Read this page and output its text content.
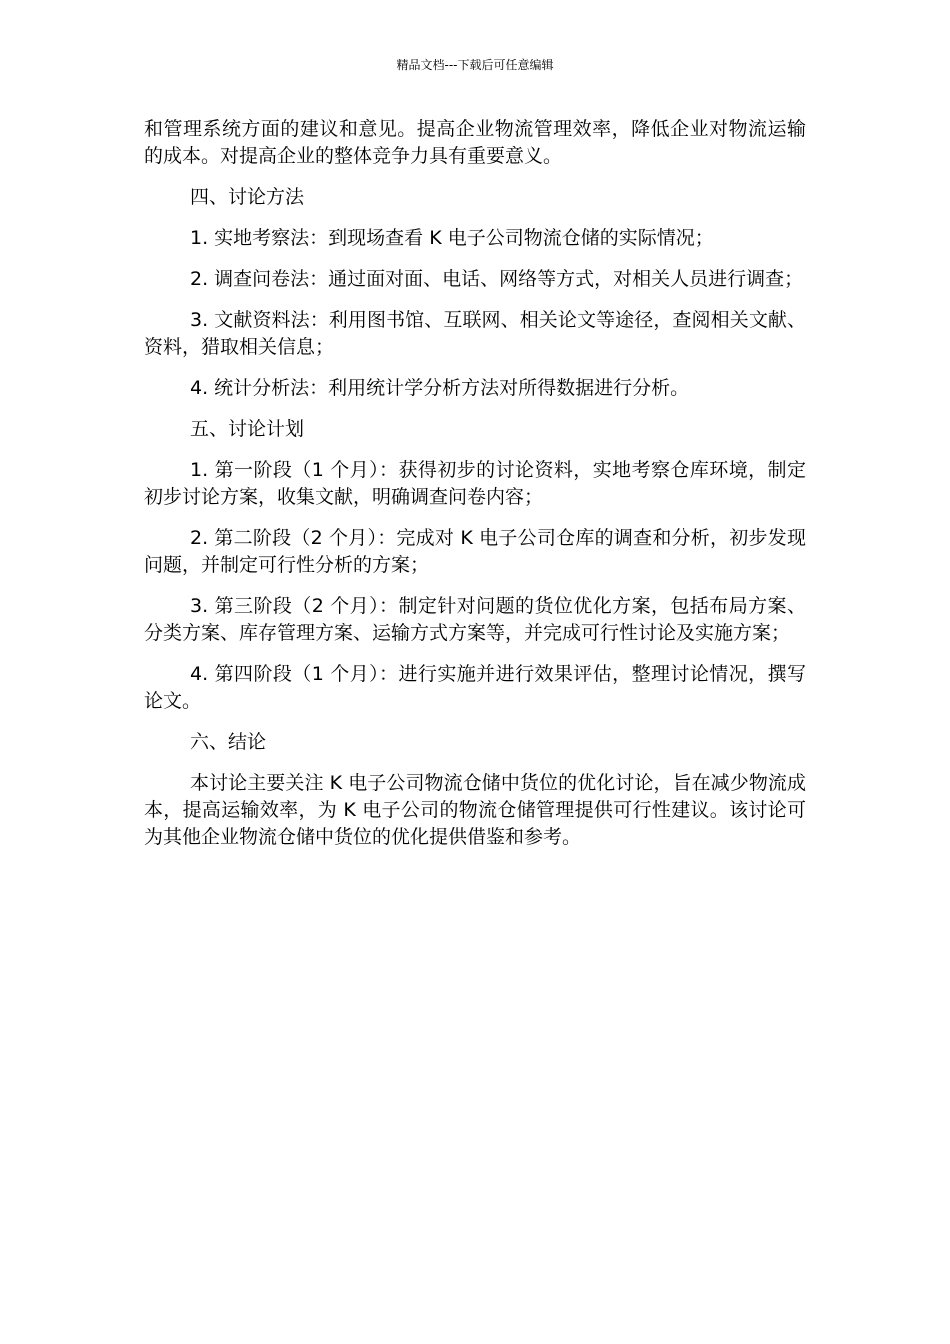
精品文档---下载后可任意编辑

和管理系统方面的建议和意见。提高企业物流管理效率，降低企业对物流运输的成本。对提高企业的整体竞争力具有重要意义。

四、讨论方法

1. 实地考察法：到现场查看 K 电子公司物流仓储的实际情况；

2. 调查问卷法：通过面对面、电话、网络等方式，对相关人员进行调查；

3. 文献资料法：利用图书馆、互联网、相关论文等途径，查阅相关文献、资料，猎取相关信息；

4. 统计分析法：利用统计学分析方法对所得数据进行分析。

五、讨论计划

1. 第一阶段（1 个月）：获得初步的讨论资料，实地考察仓库环境，制定初步讨论方案，收集文献，明确调查问卷内容；

2. 第二阶段（2 个月）：完成对 K 电子公司仓库的调查和分析，初步发现问题，并制定可行性分析的方案；

3. 第三阶段（2 个月）：制定针对问题的货位优化方案，包括布局方案、分类方案、库存管理方案、运输方式方案等，并完成可行性讨论及实施方案；

4. 第四阶段（1 个月）：进行实施并进行效果评估，整理讨论情况，撰写论文。

六、结论

本讨论主要关注 K 电子公司物流仓储中货位的优化讨论，旨在减少物流成本，提高运输效率，为 K 电子公司的物流仓储管理提供可行性建议。该讨论可为其他企业物流仓储中货位的优化提供借鉴和参考。
